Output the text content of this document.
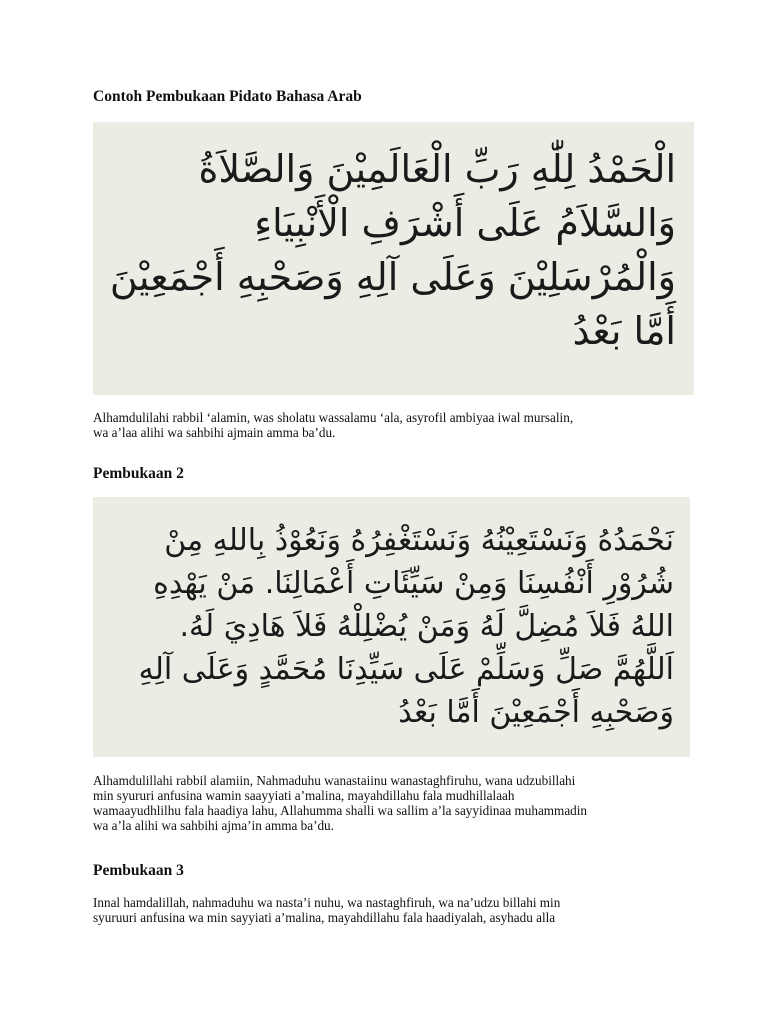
Contoh Pembukaan Pidato Bahasa Arab
الْحَمْدُ لِلّٰهِ رَبِّ الْعَالَمِيْنَ وَالصَّلاَةُ
وَالسَّلاَمُ عَلَى أَشْرَفِ الْأَنْبِيَاءِ
وَالْمُرْسَلِيْنَ وَعَلَى آلِهِ وَصَحْبِهِ أَجْمَعِيْنَ
أَمَّا بَعْدُ
Alhamdulilahi rabbil ‘alamin, was sholatu wassalamu ‘ala, asyrofil ambiyaa iwal mursalin,
wa a’laa alihi wa sahbihi ajmain amma ba’du.
Pembukaan 2
نَحْمَدُهُ وَنَسْتَعِيْنُهُ وَنَسْتَغْفِرُهُ وَنَعُوْذُ بِاللهِ مِنْ
شُرُوْرِ أَنْفُسِنَا وَمِنْ سَيِّئَاتِ أَعْمَالِنَا. مَنْ يَهْدِهِ
اللهُ فَلاَ مُضِلَّ لَهُ وَمَنْ يُضْلِلْهُ فَلاَ هَادِيَ لَهُ.
اَللَّهُمَّ صَلِّ وَسَلِّمْ عَلَى سَيِّدِنَا مُحَمَّدٍ وَعَلَى آلِهِ
وَصَحْبِهِ أَجْمَعِيْنَ أَمَّا بَعْدُ
Alhamdulillahi rabbil alamiin, Nahmaduhu wanastaiinu wanastaghfiruhu, wana udzubillahi
min syururi anfusina wamin saayyiati a’malina, mayahdillahu fala mudhillalaah
wamaayudhlilhu fala haadiya lahu, Allahumma shalli wa sallim a’la sayyidinaa muhammadin
wa a’la alihi wa sahbihi ajma’in amma ba’du.
Pembukaan 3
Innal hamdalillah, nahmaduhu wa nasta’i nuhu, wa nastaghfiruh, wa na’udzu billahi min
syuruuri anfusina wa min sayyiati a’malina, mayahdillahu fala haadiyalah, asyhadu alla
